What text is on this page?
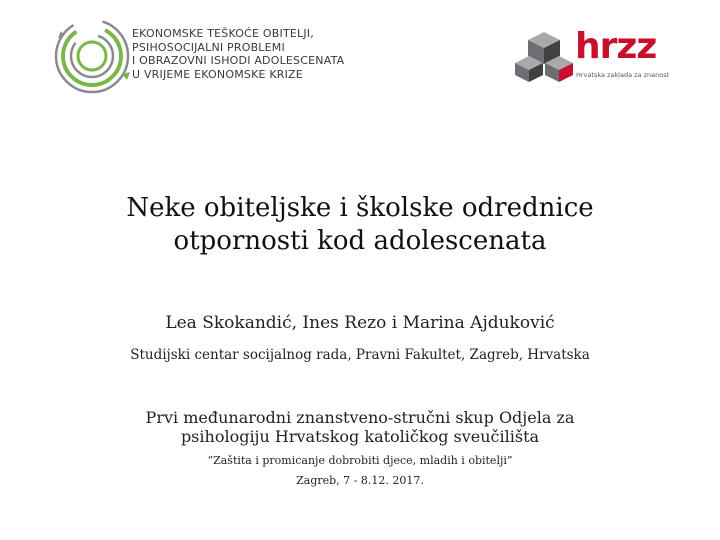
EKONOMSKE TEŠKOĆE OBITELJI,
PSIHOSOCIJALNI PROBLEMI
I OBRAZOVNI ISHODI ADOLESCENATA
U VRIJEME EKONOMSKE KRIZE
hrzz
Hrvatska zaklada za znanost
Neke obiteljske i školske odrednice
otpornosti kod adolescenata
Lea Skokandić, Ines Rezo i Marina Ajduković
Studijski centar socijalnog rada, Pravni Fakultet, Zagreb, Hrvatska
Prvi međunarodni znanstveno-stručni skup Odjela za
psihologiju Hrvatskog katoličkog sveučilišta
“Zaštita i promicanje dobrobiti djece, mladih i obitelji”
Zagreb, 7 - 8.12. 2017.
